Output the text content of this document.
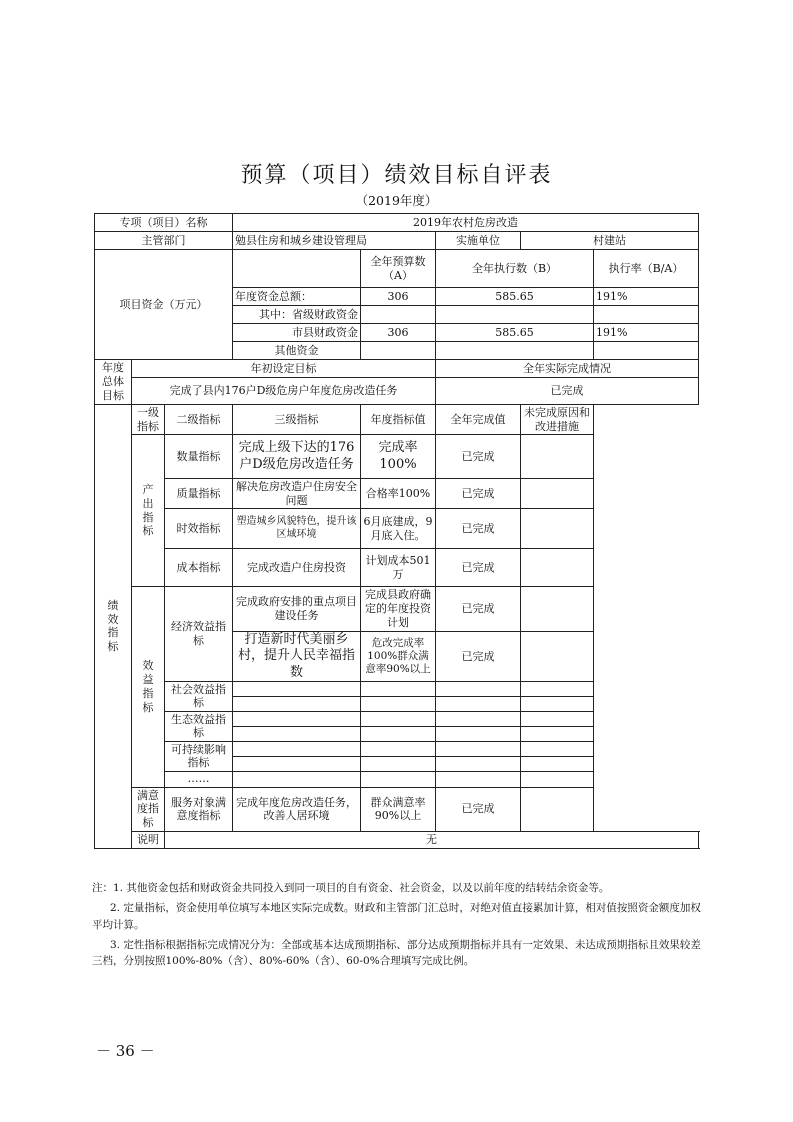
预算（项目）绩效目标自评表
（2019年度）
专项（项目）名称			2019年农村危房改造				
主管部门			勉县住房和城乡建设管理局		实施单位	村建站	
项目资金（万元）				全年预算数（A）	全年执行数（B）		执行率（B/A）
			年度资金总额：	306	585.65		191%
			其中：省级财政资金				
			市县财政资金	306	585.65		191%
			其他资金				
年度总体目标	年初设定目标				全年实际完成情况		
	完成了县内176户D级危房户年度危房改造任务				已完成		
绩效指标	一级指标	二级指标	三级指标	年度指标值	全年完成值	未完成原因和改进措施	
	产出指标	数量指标	完成上级下达的176户D级危房改造任务	完成率100%	已完成		
		质量指标	解决危房改造户住房安全问题	合格率100%	已完成		
		时效指标	塑造城乡风貌特色，提升该区域环境	6月底建成，9月底入住。	已完成		
		成本指标	完成改造户住房投资	计划成本501万	已完成		
	效益指标	经济效益指标	完成政府安排的重点项目建设任务	完成县政府确定的年度投资计划	已完成		
			打造新时代美丽乡村，提升人民幸福指数	危改完成率100%群众满意率90%以上	已完成		
		社会效益指标					

		生态效益指标					

		可持续影响指标					

		……					
	满意度指标	服务对象满意度指标	完成年度危房改造任务，改善人居环境	群众满意率90%以上	已完成		
	说明	无					

注：1. 其他资金包括和财政资金共同投入到同一项目的自有资金、社会资金，以及以前年度的结转结余资金等。

2. 定量指标，资金使用单位填写本地区实际完成数。财政和主管部门汇总时，对绝对值直接累加计算，相对值按照资金额度加权平均计算。

3. 定性指标根据指标完成情况分为：全部或基本达成预期指标、部分达成预期指标并具有一定效果、未达成预期指标且效果较差三档，分别按照100%-80%（含）、80%-60%（含）、60-0%合理填写完成比例。

－ 36 －
